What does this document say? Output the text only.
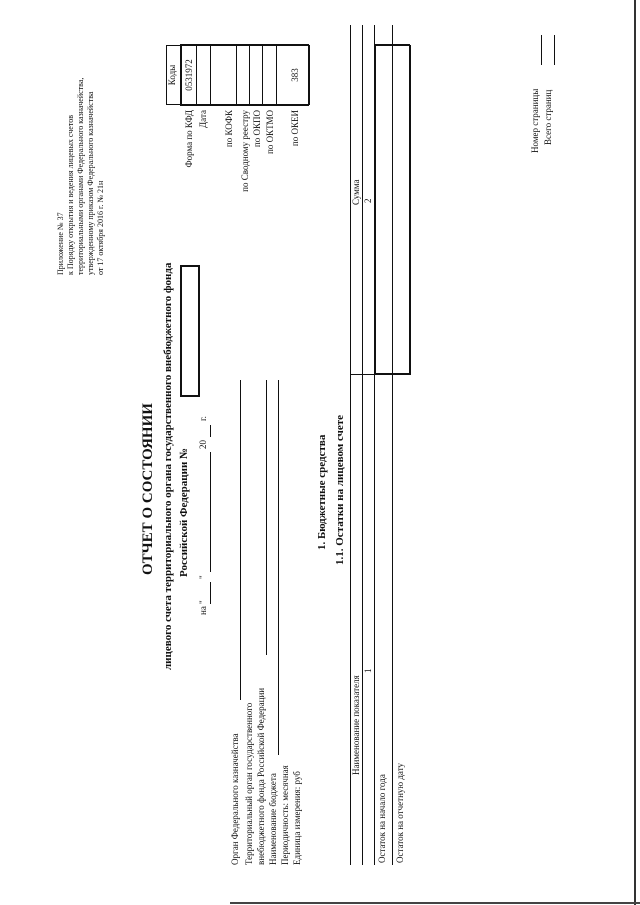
Приложение № 37 к Порядку открытия и ведения лицевых счетов территориальными органами Федерального казначейства, утвержденному приказом Федерального казначейства от 17 октября 2016 г. № 21н
ОТЧЕТ О СОСТОЯНИИ лицевого счета территориального органа государственного внебюджетного фонда Российской Федерации №
на "
"
20
г.
Орган Федерального казначейства Территориальный орган государственного внебюджетного фонда Российской Федерации Наименование бюджета Периодичность: месячная Единица измерения: руб
Форма по КФД Дата по КОФК по Сводному реестру по ОКПО по ОКТМО по ОКЕИ
Коды 0531972	383
1. Бюджетные средства 1.1. Остатки на лицевом счете
Наименование показателя
Сумма
1
2
Остаток на начало года Остаток на отчетную дату
Номер страницы Всего страниц
